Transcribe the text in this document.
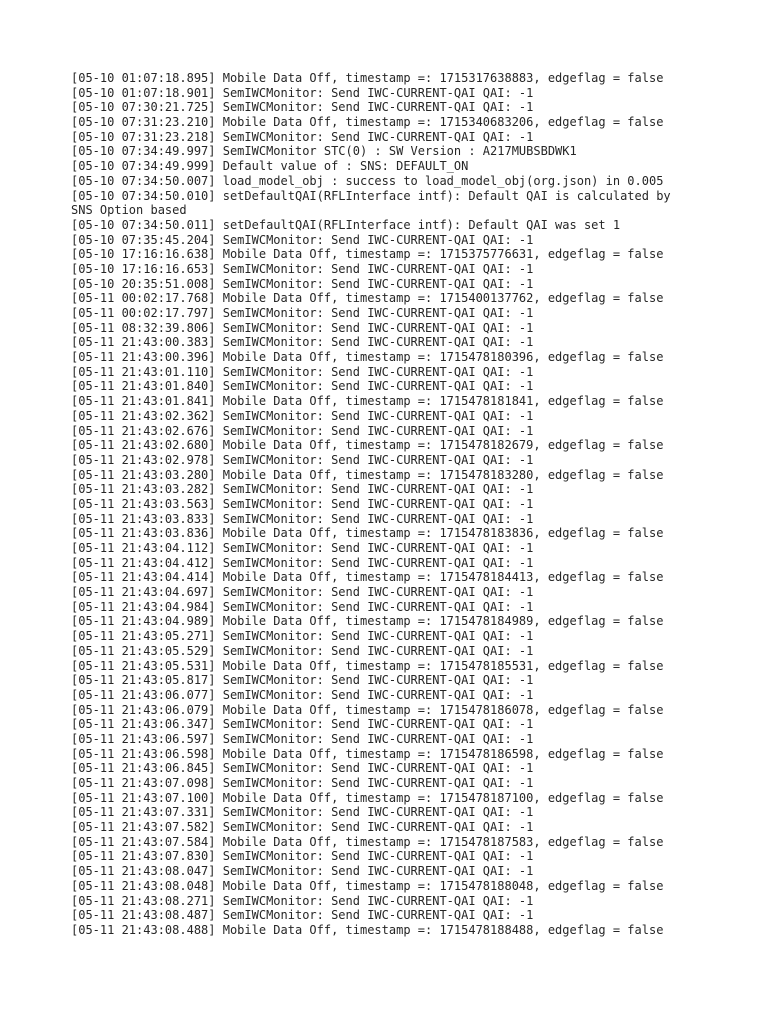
[05-10 01:07:18.895] Mobile Data Off, timestamp =: 1715317638883, edgeflag = false
[05-10 01:07:18.901] SemIWCMonitor: Send IWC-CURRENT-QAI QAI: -1
[05-10 07:30:21.725] SemIWCMonitor: Send IWC-CURRENT-QAI QAI: -1
[05-10 07:31:23.210] Mobile Data Off, timestamp =: 1715340683206, edgeflag = false
[05-10 07:31:23.218] SemIWCMonitor: Send IWC-CURRENT-QAI QAI: -1
[05-10 07:34:49.997] SemIWCMonitor STC(0) : SW Version : A217MUBSBDWK1
[05-10 07:34:49.999] Default value of : SNS: DEFAULT_ON
[05-10 07:34:50.007] load_model_obj : success to load_model_obj(org.json) in 0.005
[05-10 07:34:50.010] setDefaultQAI(RFLInterface intf): Default QAI is calculated by
SNS Option based
[05-10 07:34:50.011] setDefaultQAI(RFLInterface intf): Default QAI was set 1
[05-10 07:35:45.204] SemIWCMonitor: Send IWC-CURRENT-QAI QAI: -1
[05-10 17:16:16.638] Mobile Data Off, timestamp =: 1715375776631, edgeflag = false
[05-10 17:16:16.653] SemIWCMonitor: Send IWC-CURRENT-QAI QAI: -1
[05-10 20:35:51.008] SemIWCMonitor: Send IWC-CURRENT-QAI QAI: -1
[05-11 00:02:17.768] Mobile Data Off, timestamp =: 1715400137762, edgeflag = false
[05-11 00:02:17.797] SemIWCMonitor: Send IWC-CURRENT-QAI QAI: -1
[05-11 08:32:39.806] SemIWCMonitor: Send IWC-CURRENT-QAI QAI: -1
[05-11 21:43:00.383] SemIWCMonitor: Send IWC-CURRENT-QAI QAI: -1
[05-11 21:43:00.396] Mobile Data Off, timestamp =: 1715478180396, edgeflag = false
[05-11 21:43:01.110] SemIWCMonitor: Send IWC-CURRENT-QAI QAI: -1
[05-11 21:43:01.840] SemIWCMonitor: Send IWC-CURRENT-QAI QAI: -1
[05-11 21:43:01.841] Mobile Data Off, timestamp =: 1715478181841, edgeflag = false
[05-11 21:43:02.362] SemIWCMonitor: Send IWC-CURRENT-QAI QAI: -1
[05-11 21:43:02.676] SemIWCMonitor: Send IWC-CURRENT-QAI QAI: -1
[05-11 21:43:02.680] Mobile Data Off, timestamp =: 1715478182679, edgeflag = false
[05-11 21:43:02.978] SemIWCMonitor: Send IWC-CURRENT-QAI QAI: -1
[05-11 21:43:03.280] Mobile Data Off, timestamp =: 1715478183280, edgeflag = false
[05-11 21:43:03.282] SemIWCMonitor: Send IWC-CURRENT-QAI QAI: -1
[05-11 21:43:03.563] SemIWCMonitor: Send IWC-CURRENT-QAI QAI: -1
[05-11 21:43:03.833] SemIWCMonitor: Send IWC-CURRENT-QAI QAI: -1
[05-11 21:43:03.836] Mobile Data Off, timestamp =: 1715478183836, edgeflag = false
[05-11 21:43:04.112] SemIWCMonitor: Send IWC-CURRENT-QAI QAI: -1
[05-11 21:43:04.412] SemIWCMonitor: Send IWC-CURRENT-QAI QAI: -1
[05-11 21:43:04.414] Mobile Data Off, timestamp =: 1715478184413, edgeflag = false
[05-11 21:43:04.697] SemIWCMonitor: Send IWC-CURRENT-QAI QAI: -1
[05-11 21:43:04.984] SemIWCMonitor: Send IWC-CURRENT-QAI QAI: -1
[05-11 21:43:04.989] Mobile Data Off, timestamp =: 1715478184989, edgeflag = false
[05-11 21:43:05.271] SemIWCMonitor: Send IWC-CURRENT-QAI QAI: -1
[05-11 21:43:05.529] SemIWCMonitor: Send IWC-CURRENT-QAI QAI: -1
[05-11 21:43:05.531] Mobile Data Off, timestamp =: 1715478185531, edgeflag = false
[05-11 21:43:05.817] SemIWCMonitor: Send IWC-CURRENT-QAI QAI: -1
[05-11 21:43:06.077] SemIWCMonitor: Send IWC-CURRENT-QAI QAI: -1
[05-11 21:43:06.079] Mobile Data Off, timestamp =: 1715478186078, edgeflag = false
[05-11 21:43:06.347] SemIWCMonitor: Send IWC-CURRENT-QAI QAI: -1
[05-11 21:43:06.597] SemIWCMonitor: Send IWC-CURRENT-QAI QAI: -1
[05-11 21:43:06.598] Mobile Data Off, timestamp =: 1715478186598, edgeflag = false
[05-11 21:43:06.845] SemIWCMonitor: Send IWC-CURRENT-QAI QAI: -1
[05-11 21:43:07.098] SemIWCMonitor: Send IWC-CURRENT-QAI QAI: -1
[05-11 21:43:07.100] Mobile Data Off, timestamp =: 1715478187100, edgeflag = false
[05-11 21:43:07.331] SemIWCMonitor: Send IWC-CURRENT-QAI QAI: -1
[05-11 21:43:07.582] SemIWCMonitor: Send IWC-CURRENT-QAI QAI: -1
[05-11 21:43:07.584] Mobile Data Off, timestamp =: 1715478187583, edgeflag = false
[05-11 21:43:07.830] SemIWCMonitor: Send IWC-CURRENT-QAI QAI: -1
[05-11 21:43:08.047] SemIWCMonitor: Send IWC-CURRENT-QAI QAI: -1
[05-11 21:43:08.048] Mobile Data Off, timestamp =: 1715478188048, edgeflag = false
[05-11 21:43:08.271] SemIWCMonitor: Send IWC-CURRENT-QAI QAI: -1
[05-11 21:43:08.487] SemIWCMonitor: Send IWC-CURRENT-QAI QAI: -1
[05-11 21:43:08.488] Mobile Data Off, timestamp =: 1715478188488, edgeflag = false
